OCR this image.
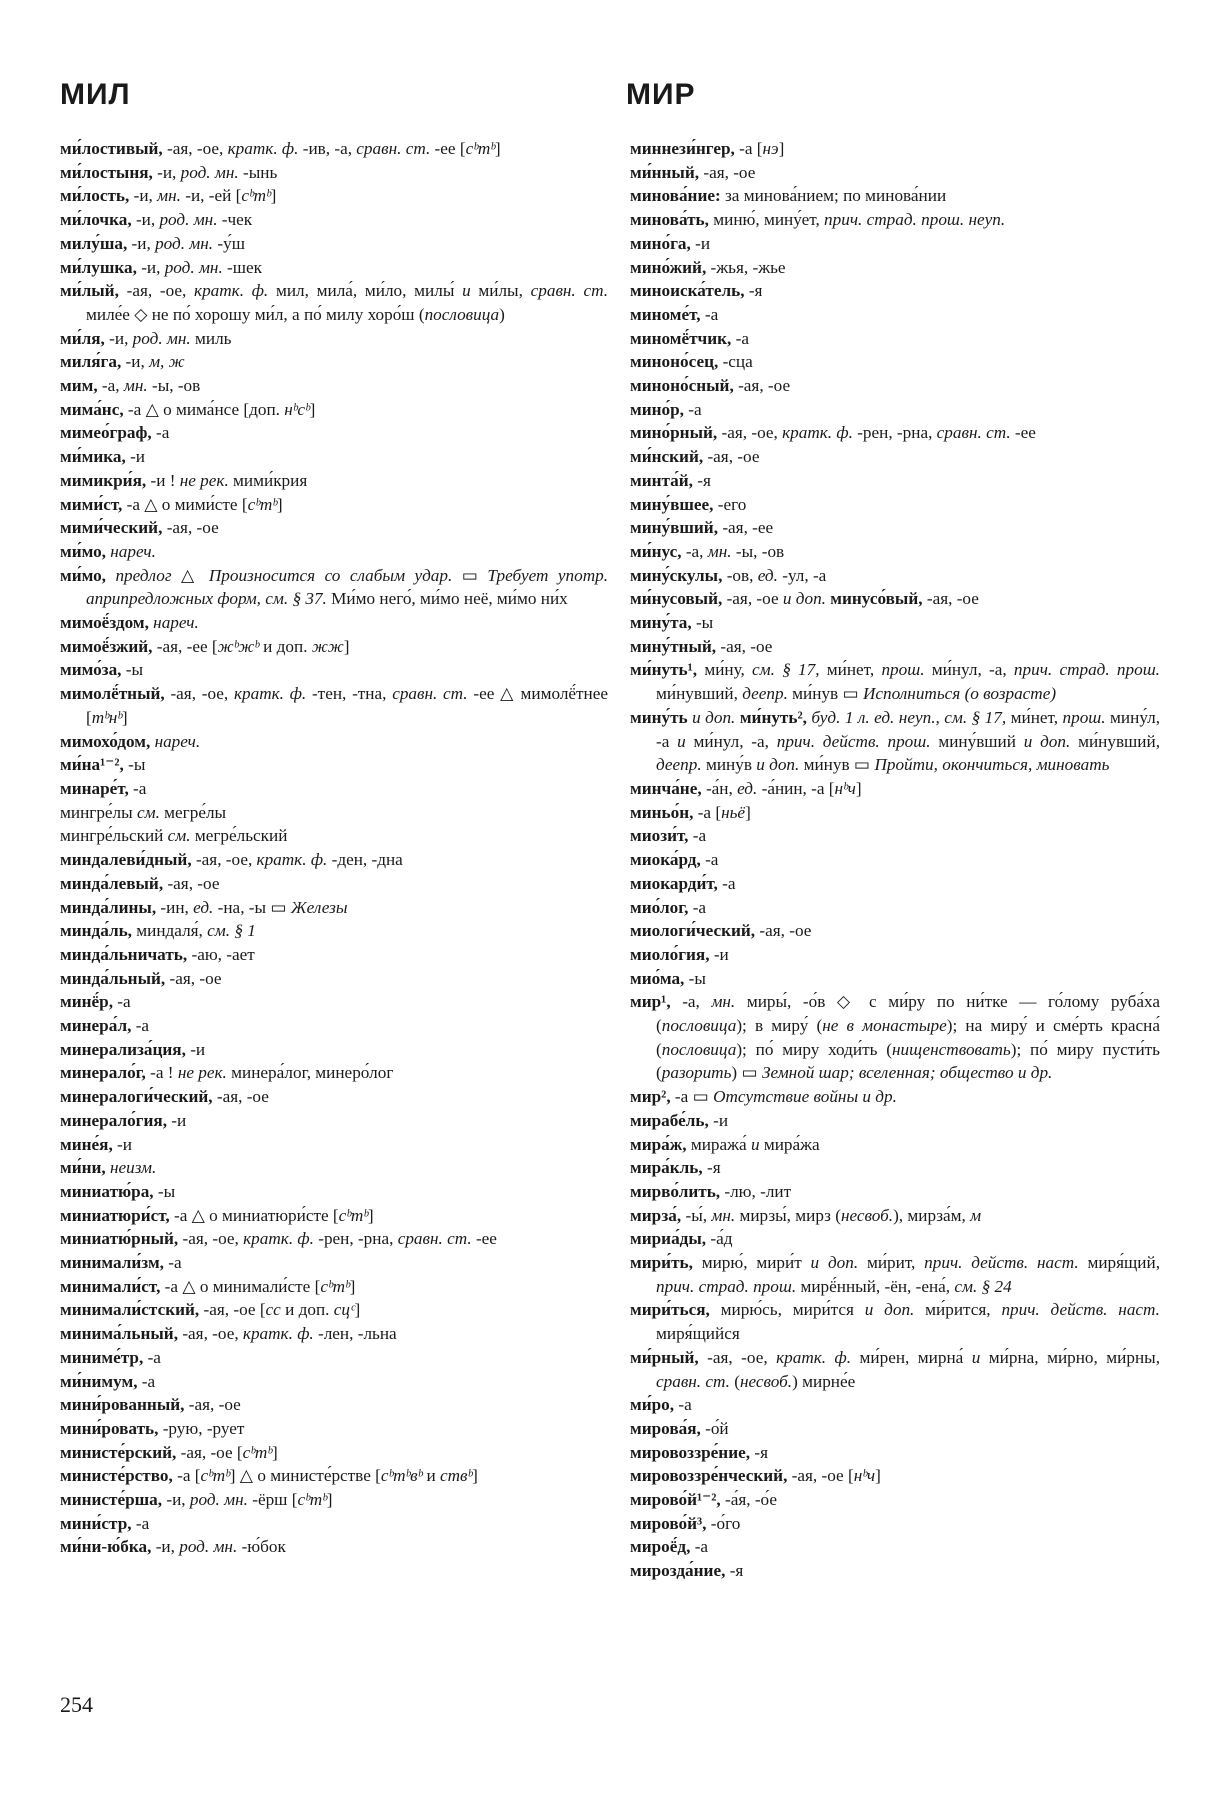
МИЛ	МИР
ми́лостивый, -ая, -ое, кратк. ф. -ив, -а, сравн. ст. -ее [сᵇтᵇ]
ми́лостыня, -и, род. мн. -ынь
ми́лость, -и, мн. -и, -ей [сᵇтᵇ]
ми́лочка, -и, род. мн. -чек
милу́ша, -и, род. мн. -у́ш
ми́лушка, -и, род. мн. -шек
ми́лый, -ая, -ое, кратк. ф. мил, мила́, ми́ло, милы́ и ми́лы, сравн. ст. миле́е ◇ не по́ хорошу ми́л, а по́ милу хоро́ш (пословица)
ми́ля, -и, род. мн. миль
миля́га, -и, м, ж
мим, -а, мн. -ы, -ов
мима́нс, -а △ о мима́нсе [доп. нᵇсᵇ]
мимео́граф, -а
ми́мика, -и
мимикри́я, -и ! не рек. мими́крия
мими́ст, -а △ о мими́сте [сᵇтᵇ]
мими́ческий, -ая, -ое
ми́мо, нареч.
ми́мо, предлог △ Произносится со слабым удар. ▭ Требует употр. априпредложных форм, см. § 37. Ми́мо него́, ми́мо неё, ми́мо ни́х
мимоё́здом, нареч.
мимоё́зжий, -ая, -ее [жᵇжᵇ и доп. жж]
мимо́за, -ы
мимолё́тный, -ая, -ое, кратк. ф. -тен, -тна, сравн. ст. -ее △ мимолё́тнее [тᵇнᵇ]
мимохо́дом, нареч.
ми́на¹⁻², -ы
минаре́т, -а
мингре́лы см. мегре́лы
мингре́льский см. мегре́льский
миндалеви́дный, -ая, -ое, кратк. ф. -ден, -дна
минда́левый, -ая, -ое
минда́лины, -ин, ед. -на, -ы ▭ Железы
минда́ль, миндаля́, см. § 1
минда́льничать, -аю, -ает
минда́льный, -ая, -ое
минё́р, -а
минера́л, -а
минерализа́ция, -и
минерало́г, -а ! не рек. минера́лог, минеро́лог
минералоги́ческий, -ая, -ое
минерало́гия, -и
мине́я, -и
ми́ни, неизм.
миниатю́ра, -ы
миниатюри́ст, -а △ о миниатюри́сте [сᵇтᵇ]
миниатю́рный, -ая, -ое, кратк. ф. -рен, -рна, сравн. ст. -ее
минимали́зм, -а
минимали́ст, -а △ о минимали́сте [сᵇтᵇ]
минимали́стский, -ая, -ое [сс и доп. сцᶜ]
минима́льный, -ая, -ое, кратк. ф. -лен, -льна
миниме́тр, -а
ми́нимум, -а
мини́рованный, -ая, -ое
мини́ровать, -рую, -рует
министе́рский, -ая, -ое [сᵇтᵇ]
министе́рство, -а [сᵇтᵇ] △ о министе́рстве [сᵇтᵇвᵇ и ствᵇ]
министе́рша, -и, род. мн. -ёрш [сᵇтᵇ]
мини́стр, -а
ми́ни-ю́бка, -и, род. мн. -ю́бок
миннези́нгер, -а [нэ]
ми́нный, -ая, -ое
минова́ние: за минова́нием; по минова́нии
минова́ть, миню́, мину́ет, прич. страд. прош. неуп.
мино́га, -и
мино́жий, -жья, -жье
миноиска́тель, -я
миноме́т, -а
миномё́тчик, -а
миноно́сец, -сца
миноно́сный, -ая, -ое
мино́р, -а
мино́рный, -ая, -ое, кратк. ф. -рен, -рна, сравн. ст. -ее
ми́нский, -ая, -ое
минта́й, -я
мину́вшее, -его
мину́вший, -ая, -ее
ми́нус, -а, мн. -ы, -ов
мину́скулы, -ов, ед. -ул, -а
ми́нусовый, -ая, -ое и доп. минусо́вый, -ая, -ое
мину́та, -ы
мину́тный, -ая, -ое
ми́нуть¹, ми́ну, см. § 17, ми́нет, прош. ми́нул, -а, прич. страд. прош. ми́нувший, деепр. ми́нув ▭ Исполниться (о возрасте)
мину́ть и доп. ми́нуть², буд. 1 л. ед. неуп., см. § 17, ми́нет, прош. мину́л, -а и ми́нул, -а, прич. действ. прош. мину́вший и доп. ми́нувший, деепр. мину́в и доп. ми́нув ▭ Пройти, окончиться, миновать
минча́не, -а́н, ед. -а́нин, -а [нᵇч]
миньо́н, -а [ньё]
миози́т, -а
миока́рд, -а
миокарди́т, -а
мио́лог, -а
миологи́ческий, -ая, -ое
миоло́гия, -и
мио́ма, -ы
мир¹, -а, мн. миры́, -о́в ◇ с ми́ру по ни́тке — го́лому руба́ха (пословица); в миру́ (не в монастыре); на миру́ и сме́рть красна́ (пословица); по́ миру ходи́ть (нищенствовать); по́ миру пусти́ть (разорить) ▭ Земной шар; вселенная; общество и др.
мир², -а ▭ Отсутствие войны и др.
мирабе́ль, -и
мира́ж, миража́ и мира́жа
мира́кль, -я
мирво́лить, -лю, -лит
мирза́, -ы́, мн. мирзы́, мирз (несвоб.), мирза́м, м
мириа́ды, -а́д
мири́ть, мирю́, мири́т и доп. ми́рит, прич. действ. наст. миря́щий, прич. страд. прош. мирё́нный, -ён, -ена́, см. § 24
мири́ться, мирю́сь, мири́тся и доп. ми́рится, прич. действ. наст. миря́щийся
ми́рный, -ая, -ое, кратк. ф. ми́рен, мирна́ и ми́рна, ми́рно, ми́рны, сравн. ст. (несвоб.) мирне́е
ми́ро, -а
мирова́я, -о́й
мировоззре́ние, -я
мировоззре́нческий, -ая, -ое [нᵇч]
мирово́й¹⁻², -а́я, -о́е
мирово́й³, -о́го
мироё́д, -а
мирозда́ние, -я
254
